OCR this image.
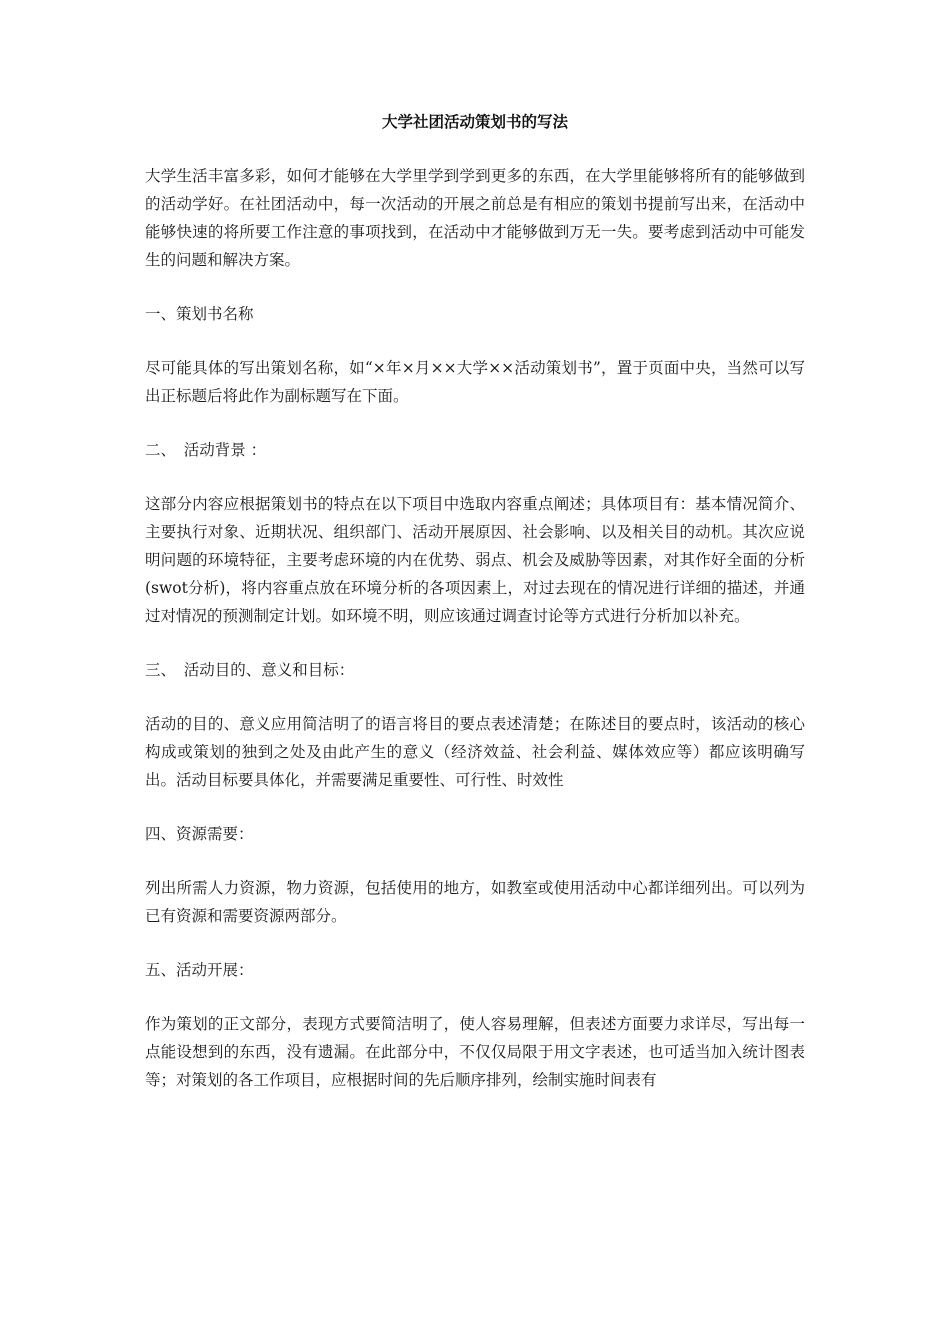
大学社团活动策划书的写法

大学生活丰富多彩，如何才能够在大学里学到学到更多的东西，在大学里能够将所有的能够做到的活动学好。在社团活动中，每一次活动的开展之前总是有相应的策划书提前写出来，在活动中能够快速的将所要工作注意的事项找到，在活动中才能够做到万无一失。要考虑到活动中可能发生的问题和解决方案。

一、策划书名称

尽可能具体的写出策划名称，如“×年×月××大学××活动策划书”，置于页面中央，当然可以写出正标题后将此作为副标题写在下面。

二、　活动背景 ：

这部分内容应根据策划书的特点在以下项目中选取内容重点阐述；具体项目有：基本情况简介、主要执行对象、近期状况、组织部门、活动开展原因、社会影响、以及相关目的动机。其次应说明问题的环境特征，主要考虑环境的内在优势、弱点、机会及威胁等因素，对其作好全面的分析(swot分析)，将内容重点放在环境分析的各项因素上，对过去现在的情况进行详细的描述，并通过对情况的预测制定计划。如环境不明，则应该通过调查讨论等方式进行分析加以补充。

三、　活动目的、意义和目标：

活动的目的、意义应用简洁明了的语言将目的要点表述清楚；在陈述目的要点时，该活动的核心构成或策划的独到之处及由此产生的意义（经济效益、社会利益、媒体效应等）都应该明确写出。活动目标要具体化，并需要满足重要性、可行性、时效性

四、资源需要：

列出所需人力资源，物力资源，包括使用的地方，如教室或使用活动中心都详细列出。可以列为已有资源和需要资源两部分。

五、活动开展：

作为策划的正文部分，表现方式要简洁明了，使人容易理解，但表述方面要力求详尽，写出每一点能设想到的东西，没有遗漏。在此部分中，不仅仅局限于用文字表述，也可适当加入统计图表等；对策划的各工作项目，应根据时间的先后顺序排列，绘制实施时间表有
